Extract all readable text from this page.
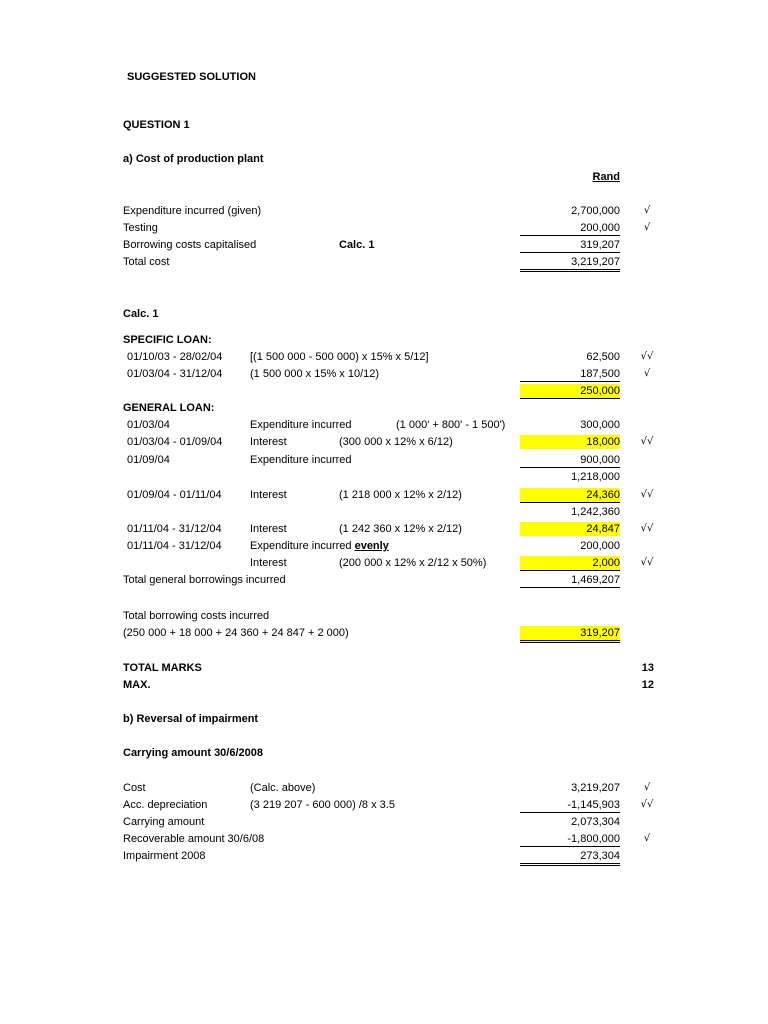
SUGGESTED SOLUTION
QUESTION 1
a) Cost of production plant
Rand
Expenditure incurred (given)	2,700,000	√
Testing	200,000	√
Borrowing costs capitalised	Calc. 1	319,207
Total cost	3,219,207
Calc. 1
SPECIFIC LOAN:
01/10/03 - 28/02/04	[(1 500 000 - 500 000) x 15% x 5/12]	62,500	√√
01/03/04 - 31/12/04	(1 500 000 x 15% x 10/12)	187,500	√
250,000
GENERAL LOAN:
01/03/04	Expenditure incurred	(1 000' + 800' - 1 500')	300,000
01/03/04 - 01/09/04	Interest	(300 000 x 12% x 6/12)	18,000	√√
01/09/04	Expenditure incurred	900,000
1,218,000
01/09/04 - 01/11/04	Interest	(1 218 000 x 12% x 2/12)	24,360	√√
1,242,360
01/11/04 - 31/12/04	Interest	(1 242 360 x 12% x 2/12)	24,847	√√
01/11/04 - 31/12/04	Expenditure incurred evenly	200,000
Interest	(200 000 x 12% x 2/12 x 50%)	2,000	√√
Total general borrowings incurred	1,469,207
Total borrowing costs incurred
(250 000 + 18 000 + 24 360 + 24 847 + 2 000)	319,207
TOTAL MARKS	13
MAX.	12
b) Reversal of impairment
Carrying amount 30/6/2008
Cost	(Calc. above)	3,219,207	√
Acc. depreciation	(3 219 207 - 600 000) /8 x 3.5	-1,145,903	√√
Carrying amount	2,073,304
Recoverable amount 30/6/08	-1,800,000	√
Impairment 2008	273,304
